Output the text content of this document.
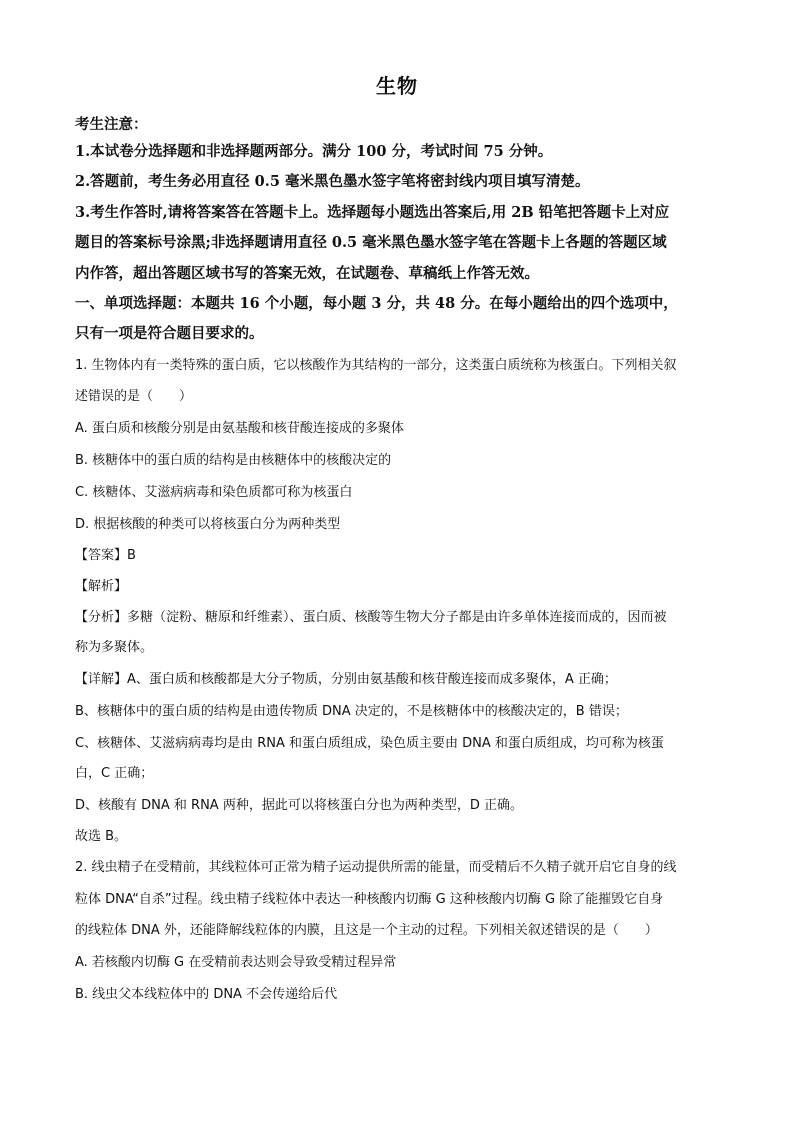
生物
考生注意：
1.本试卷分选择题和非选择题两部分。满分 100 分，考试时间 75 分钟。
2.答题前，考生务必用直径 0.5 毫米黑色墨水签字笔将密封线内项目填写清楚。
3.考生作答时,请将答案答在答题卡上。选择题每小题选出答案后,用 2B 铅笔把答题卡上对应
题目的答案标号涂黑;非选择题请用直径 0.5 毫米黑色墨水签字笔在答题卡上各题的答题区域
内作答，超出答题区域书写的答案无效，在试题卷、草稿纸上作答无效。
一、单项选择题：本题共 16 个小题，每小题 3 分，共 48 分。在每小题给出的四个选项中，
只有一项是符合题目要求的。
1. 生物体内有一类特殊的蛋白质，它以核酸作为其结构的一部分，这类蛋白质统称为核蛋白。下列相关叙
述错误的是（　　）
A. 蛋白质和核酸分别是由氨基酸和核苷酸连接成的多聚体
B. 核糖体中的蛋白质的结构是由核糖体中的核酸决定的
C. 核糖体、艾滋病病毒和染色质都可称为核蛋白
D. 根据核酸的种类可以将核蛋白分为两种类型
【答案】B
【解析】
【分析】多糖（淀粉、糖原和纤维素）、蛋白质、核酸等生物大分子都是由许多单体连接而成的，因而被
称为多聚体。
【详解】A、蛋白质和核酸都是大分子物质，分别由氨基酸和核苷酸连接而成多聚体，A 正确；
B、核糖体中的蛋白质的结构是由遗传物质 DNA 决定的，不是核糖体中的核酸决定的，B 错误；
C、核糖体、艾滋病病毒均是由 RNA 和蛋白质组成，染色质主要由 DNA 和蛋白质组成，均可称为核蛋
白，C 正确；
D、核酸有 DNA 和 RNA 两种，据此可以将核蛋白分也为两种类型，D 正确。
故选 B。
2. 线虫精子在受精前，其线粒体可正常为精子运动提供所需的能量，而受精后不久精子就开启它自身的线
粒体 DNA“自杀”过程。线虫精子线粒体中表达一种核酸内切酶 G 这种核酸内切酶 G 除了能摧毁它自身
的线粒体 DNA 外，还能降解线粒体的内膜，且这是一个主动的过程。下列相关叙述错误的是（　　）
A. 若核酸内切酶 G 在受精前表达则会导致受精过程异常
B. 线虫父本线粒体中的 DNA 不会传递给后代
